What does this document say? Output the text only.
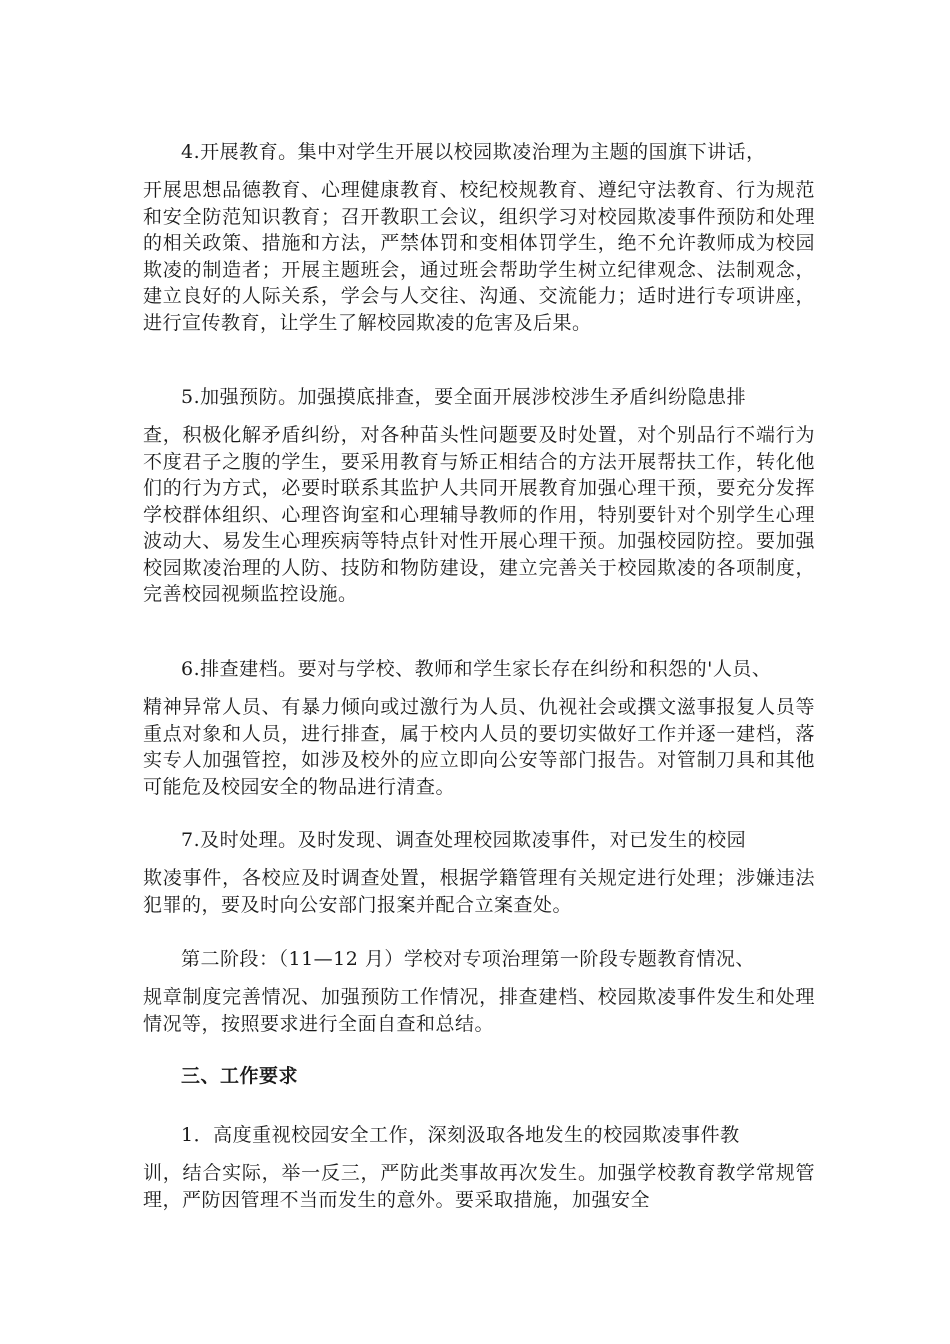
4.开展教育。集中对学生开展以校园欺凌治理为主题的国旗下讲话，
开展思想品德教育、心理健康教育、校纪校规教育、遵纪守法教育、行为规范和安全防范知识教育；召开教职工会议，组织学习对校园欺凌事件预防和处理的相关政策、措施和方法，严禁体罚和变相体罚学生，绝不允许教师成为校园欺凌的制造者；开展主题班会，通过班会帮助学生树立纪律观念、法制观念，建立良好的人际关系，学会与人交往、沟通、交流能力；适时进行专项讲座，进行宣传教育，让学生了解校园欺凌的危害及后果。
5.加强预防。加强摸底排查，要全面开展涉校涉生矛盾纠纷隐患排
查，积极化解矛盾纠纷，对各种苗头性问题要及时处置，对个别品行不端行为不度君子之腹的学生，要采用教育与矫正相结合的方法开展帮扶工作，转化他们的行为方式，必要时联系其监护人共同开展教育加强心理干预，要充分发挥学校群体组织、心理咨询室和心理辅导教师的作用，特别要针对个别学生心理波动大、易发生心理疾病等特点针对性开展心理干预。加强校园防控。要加强校园欺凌治理的人防、技防和物防建设，建立完善关于校园欺凌的各项制度，完善校园视频监控设施。
6.排查建档。要对与学校、教师和学生家长存在纠纷和积怨的'人员、
精神异常人员、有暴力倾向或过激行为人员、仇视社会或撰文滋事报复人员等重点对象和人员，进行排查，属于校内人员的要切实做好工作并逐一建档，落实专人加强管控，如涉及校外的应立即向公安等部门报告。对管制刀具和其他可能危及校园安全的物品进行清查。
7.及时处理。及时发现、调查处理校园欺凌事件，对已发生的校园
欺凌事件，各校应及时调查处置，根据学籍管理有关规定进行处理；涉嫌违法犯罪的，要及时向公安部门报案并配合立案查处。
第二阶段：（11—12 月）学校对专项治理第一阶段专题教育情况、
规章制度完善情况、加强预防工作情况，排查建档、校园欺凌事件发生和处理情况等，按照要求进行全面自查和总结。
三、工作要求
1．高度重视校园安全工作，深刻汲取各地发生的校园欺凌事件教
训，结合实际，举一反三，严防此类事故再次发生。加强学校教育教学常规管理，严防因管理不当而发生的意外。要采取措施，加强安全
